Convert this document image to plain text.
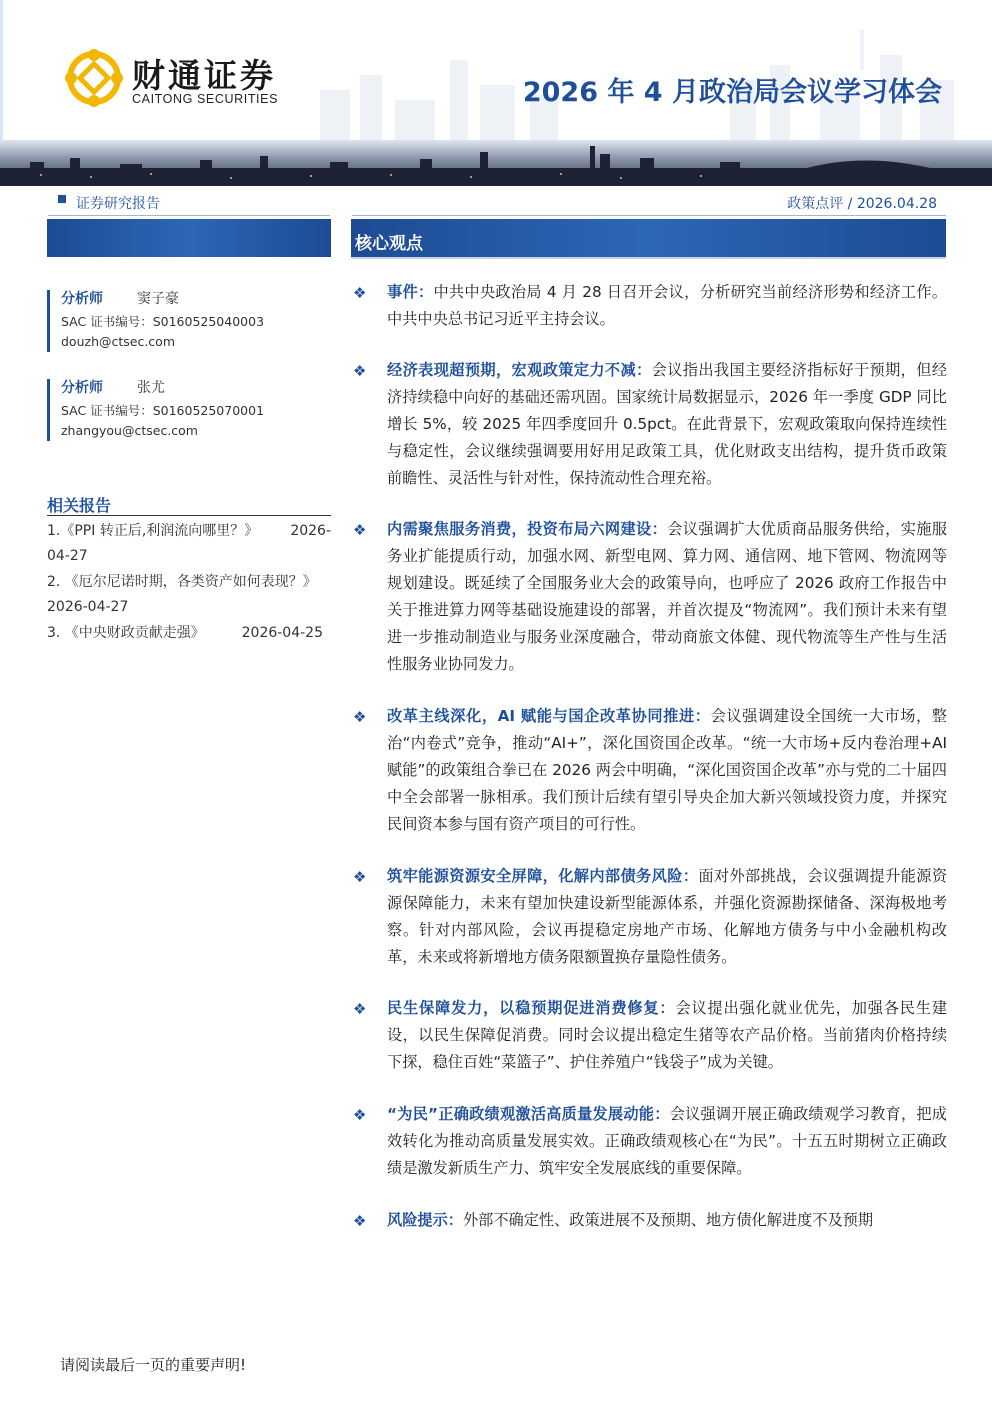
财通证券
CAITONG SECURITIES	2026 年 4 月政治局会议学习体会
证券研究报告	政策点评 / 2026.04.28
核心观点
分析师 窦子豪
SAC 证书编号：S0160525040003
douzh@ctsec.com
分析师 张尤
SAC 证书编号：S0160525070001
zhangyou@ctsec.com
相关报告
1.《PPI 转正后,利润流向哪里？》 2026-
04-27
2. 《厄尔尼诺时期，各类资产如何表现？》
2026-04-27
3. 《中央财政贡献走强》	2026-04-25
❖ 事件：中共中央政治局 4 月 28 日召开会议，分析研究当前经济形势和经济工作。中共中央总书记习近平主持会议。
❖ 经济表现超预期，宏观政策定力不减：会议指出我国主要经济指标好于预期，但经济持续稳中向好的基础还需巩固。国家统计局数据显示，2026 年一季度 GDP 同比增长 5%，较 2025 年四季度回升 0.5pct。在此背景下，宏观政策取向保持连续性与稳定性，会议继续强调要用好用足政策工具，优化财政支出结构，提升货币政策前瞻性、灵活性与针对性，保持流动性合理充裕。
❖ 内需聚焦服务消费，投资布局六网建设：会议强调扩大优质商品服务供给，实施服务业扩能提质行动，加强水网、新型电网、算力网、通信网、地下管网、物流网等规划建设。既延续了全国服务业大会的政策导向，也呼应了 2026 政府工作报告中关于推进算力网等基础设施建设的部署，并首次提及“物流网”。我们预计未来有望进一步推动制造业与服务业深度融合，带动商旅文体健、现代物流等生产性与生活性服务业协同发力。
❖ 改革主线深化，AI 赋能与国企改革协同推进：会议强调建设全国统一大市场，整治“内卷式”竞争，推动“AI+”，深化国资国企改革。“统一大市场+反内卷治理+AI 赋能”的政策组合拳已在 2026 两会中明确，“深化国资国企改革”亦与党的二十届四中全会部署一脉相承。我们预计后续有望引导央企加大新兴领域投资力度，并探究民间资本参与国有资产项目的可行性。
❖ 筑牢能源资源安全屏障，化解内部债务风险：面对外部挑战，会议强调提升能源资源保障能力，未来有望加快建设新型能源体系，并强化资源勘探储备、深海极地考察。针对内部风险，会议再提稳定房地产市场、化解地方债务与中小金融机构改革，未来或将新增地方债务限额置换存量隐性债务。
❖ 民生保障发力，以稳预期促进消费修复：会议提出强化就业优先，加强各民生建设，以民生保障促消费。同时会议提出稳定生猪等农产品价格。当前猪肉价格持续下探，稳住百姓“菜篮子”、护住养殖户“钱袋子”成为关键。
❖ “为民”正确政绩观激活高质量发展动能：会议强调开展正确政绩观学习教育，把成效转化为推动高质量发展实效。正确政绩观核心在“为民”。十五五时期树立正确政绩是激发新质生产力、筑牢安全发展底线的重要保障。
❖ 风险提示：外部不确定性、政策进展不及预期、地方债化解进度不及预期
请阅读最后一页的重要声明!
